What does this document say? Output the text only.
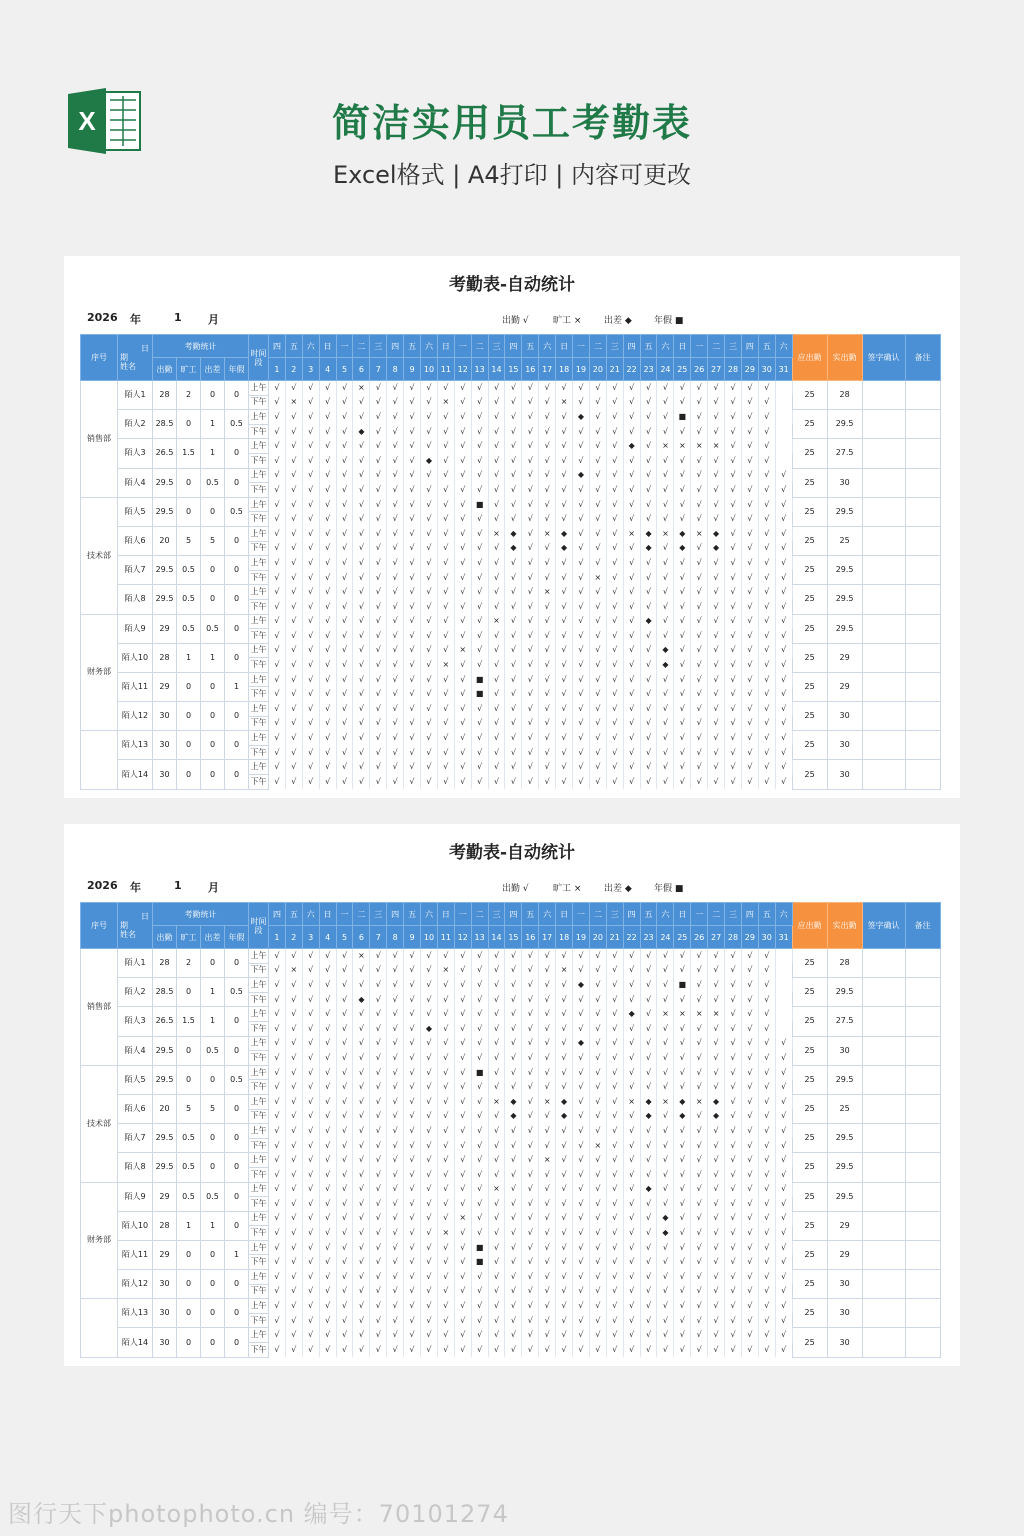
X	简洁实用员工考勤表
Excel格式 | A4打印 | 内容可更改
考勤表-自动统计
2026 年	1 月	出勤 √	旷工 ×	出差 ◆ 年假 ■
序号	日
期
姓名	考勤统计				时间段	四	五	六	日	一	二	三	四	五	六	日	一	二	三	四	五	六	日	一	二	三	四	五	六	日	一	二	三	四	五	六	应出勤	实出勤	签字确认	备注
		出勤	旷工	出差	年假		1	2	3	4	5	6	7	8	9	10	11	12	13	14	15	16	17	18	19	20	21	22	23	24	25	26	27	28	29	30	31				
销售部	陌人1	28	2	0	0	上午	√	√	√	√	√	×	√	√	√	√	√	√	√	√	√	√	√	√	√	√	√	√	√	√	√	√	√	√	√	√		25	28		
						下午	√	×	√	√	√	√	√	√	√	√	×	√	√	√	√	√	√	×	√	√	√	√	√	√	√	√	√	√	√	√					
	陌人2	28.5	0	1	0.5	上午	√	√	√	√	√	√	√	√	√	√	√	√	√	√	√	√	√	√	◆	√	√	√	√	√	■	√	√	√	√	√		25	29.5		
						下午	√	√	√	√	√	◆	√	√	√	√	√	√	√	√	√	√	√	√	√	√	√	√	√	√	√	√	√	√	√	√					
	陌人3	26.5	1.5	1	0	上午	√	√	√	√	√	√	√	√	√	√	√	√	√	√	√	√	√	√	√	√	√	◆	√	×	×	×	×	√	√	√		25	27.5		
						下午	√	√	√	√	√	√	√	√	√	◆	√	√	√	√	√	√	√	√	√	√	√	√	√	√	√	√	√	√	√	√					
	陌人4	29.5	0	0.5	0	上午	√	√	√	√	√	√	√	√	√	√	√	√	√	√	√	√	√	√	◆	√	√	√	√	√	√	√	√	√	√	√	√	25	30		
						下午	√	√	√	√	√	√	√	√	√	√	√	√	√	√	√	√	√	√	√	√	√	√	√	√	√	√	√	√	√	√	√				
技术部	陌人5	29.5	0	0	0.5	上午	√	√	√	√	√	√	√	√	√	√	√	√	■	√	√	√	√	√	√	√	√	√	√	√	√	√	√	√	√	√	√	25	29.5		
						下午	√	√	√	√	√	√	√	√	√	√	√	√	√	√	√	√	√	√	√	√	√	√	√	√	√	√	√	√	√	√	√				
	陌人6	20	5	5	0	上午	√	√	√	√	√	√	√	√	√	√	√	√	√	×	◆	√	×	◆	√	√	√	×	◆	×	◆	×	◆	√	√	√	√	25	25		
						下午	√	√	√	√	√	√	√	√	√	√	√	√	√	√	◆	√	√	◆	√	√	√	√	◆	√	◆	√	◆	√	√	√	√				
	陌人7	29.5	0.5	0	0	上午	√	√	√	√	√	√	√	√	√	√	√	√	√	√	√	√	√	√	√	√	√	√	√	√	√	√	√	√	√	√	√	25	29.5		
						下午	√	√	√	√	√	√	√	√	√	√	√	√	√	√	√	√	√	√	√	×	√	√	√	√	√	√	√	√	√	√	√				
	陌人8	29.5	0.5	0	0	上午	√	√	√	√	√	√	√	√	√	√	√	√	√	√	√	√	×	√	√	√	√	√	√	√	√	√	√	√	√	√	√	25	29.5		
						下午	√	√	√	√	√	√	√	√	√	√	√	√	√	√	√	√	√	√	√	√	√	√	√	√	√	√	√	√	√	√	√				
财务部	陌人9	29	0.5	0.5	0	上午	√	√	√	√	√	√	√	√	√	√	√	√	√	×	√	√	√	√	√	√	√	√	◆	√	√	√	√	√	√	√	√	25	29.5		
						下午	√	√	√	√	√	√	√	√	√	√	√	√	√	√	√	√	√	√	√	√	√	√	√	√	√	√	√	√	√	√	√				
	陌人10	28	1	1	0	上午	√	√	√	√	√	√	√	√	√	√	√	×	√	√	√	√	√	√	√	√	√	√	√	◆	√	√	√	√	√	√	√	25	29		
						下午	√	√	√	√	√	√	√	√	√	√	×	√	√	√	√	√	√	√	√	√	√	√	√	◆	√	√	√	√	√	√	√				
	陌人11	29	0	0	1	上午	√	√	√	√	√	√	√	√	√	√	√	√	■	√	√	√	√	√	√	√	√	√	√	√	√	√	√	√	√	√	√	25	29		
						下午	√	√	√	√	√	√	√	√	√	√	√	√	■	√	√	√	√	√	√	√	√	√	√	√	√	√	√	√	√	√	√				
	陌人12	30	0	0	0	上午	√	√	√	√	√	√	√	√	√	√	√	√	√	√	√	√	√	√	√	√	√	√	√	√	√	√	√	√	√	√	√	25	30		
						下午	√	√	√	√	√	√	√	√	√	√	√	√	√	√	√	√	√	√	√	√	√	√	√	√	√	√	√	√	√	√	√				
	陌人13	30	0	0	0	上午	√	√	√	√	√	√	√	√	√	√	√	√	√	√	√	√	√	√	√	√	√	√	√	√	√	√	√	√	√	√	√	25	30		
						下午	√	√	√	√	√	√	√	√	√	√	√	√	√	√	√	√	√	√	√	√	√	√	√	√	√	√	√	√	√	√	√				
	陌人14	30	0	0	0	上午	√	√	√	√	√	√	√	√	√	√	√	√	√	√	√	√	√	√	√	√	√	√	√	√	√	√	√	√	√	√	√	25	30		
						下午	√	√	√	√	√	√	√	√	√	√	√	√	√	√	√	√	√	√	√	√	√	√	√	√	√	√	√	√	√	√	√				
考勤表-自动统计
2026 年	1 月	出勤 √	旷工 ×	出差 ◆ 年假 ■
序号	日
期
姓名	考勤统计				时间段	四	五	六	日	一	二	三	四	五	六	日	一	二	三	四	五	六	日	一	二	三	四	五	六	日	一	二	三	四	五	六	应出勤	实出勤	签字确认	备注
		出勤	旷工	出差	年假		1	2	3	4	5	6	7	8	9	10	11	12	13	14	15	16	17	18	19	20	21	22	23	24	25	26	27	28	29	30	31				
销售部	陌人1	28	2	0	0	上午	√	√	√	√	√	×	√	√	√	√	√	√	√	√	√	√	√	√	√	√	√	√	√	√	√	√	√	√	√	√		25	28		
						下午	√	×	√	√	√	√	√	√	√	√	×	√	√	√	√	√	√	×	√	√	√	√	√	√	√	√	√	√	√	√					
	陌人2	28.5	0	1	0.5	上午	√	√	√	√	√	√	√	√	√	√	√	√	√	√	√	√	√	√	◆	√	√	√	√	√	■	√	√	√	√	√		25	29.5		
						下午	√	√	√	√	√	◆	√	√	√	√	√	√	√	√	√	√	√	√	√	√	√	√	√	√	√	√	√	√	√	√					
	陌人3	26.5	1.5	1	0	上午	√	√	√	√	√	√	√	√	√	√	√	√	√	√	√	√	√	√	√	√	√	◆	√	×	×	×	×	√	√	√		25	27.5		
						下午	√	√	√	√	√	√	√	√	√	◆	√	√	√	√	√	√	√	√	√	√	√	√	√	√	√	√	√	√	√	√					
	陌人4	29.5	0	0.5	0	上午	√	√	√	√	√	√	√	√	√	√	√	√	√	√	√	√	√	√	◆	√	√	√	√	√	√	√	√	√	√	√	√	25	30		
						下午	√	√	√	√	√	√	√	√	√	√	√	√	√	√	√	√	√	√	√	√	√	√	√	√	√	√	√	√	√	√	√				
技术部	陌人5	29.5	0	0	0.5	上午	√	√	√	√	√	√	√	√	√	√	√	√	■	√	√	√	√	√	√	√	√	√	√	√	√	√	√	√	√	√	√	25	29.5		
						下午	√	√	√	√	√	√	√	√	√	√	√	√	√	√	√	√	√	√	√	√	√	√	√	√	√	√	√	√	√	√	√				
	陌人6	20	5	5	0	上午	√	√	√	√	√	√	√	√	√	√	√	√	√	×	◆	√	×	◆	√	√	√	×	◆	×	◆	×	◆	√	√	√	√	25	25		
						下午	√	√	√	√	√	√	√	√	√	√	√	√	√	√	◆	√	√	◆	√	√	√	√	◆	√	◆	√	◆	√	√	√	√				
	陌人7	29.5	0.5	0	0	上午	√	√	√	√	√	√	√	√	√	√	√	√	√	√	√	√	√	√	√	√	√	√	√	√	√	√	√	√	√	√	√	25	29.5		
						下午	√	√	√	√	√	√	√	√	√	√	√	√	√	√	√	√	√	√	√	×	√	√	√	√	√	√	√	√	√	√	√				
	陌人8	29.5	0.5	0	0	上午	√	√	√	√	√	√	√	√	√	√	√	√	√	√	√	√	×	√	√	√	√	√	√	√	√	√	√	√	√	√	√	25	29.5		
						下午	√	√	√	√	√	√	√	√	√	√	√	√	√	√	√	√	√	√	√	√	√	√	√	√	√	√	√	√	√	√	√				
财务部	陌人9	29	0.5	0.5	0	上午	√	√	√	√	√	√	√	√	√	√	√	√	√	×	√	√	√	√	√	√	√	√	◆	√	√	√	√	√	√	√	√	25	29.5		
						下午	√	√	√	√	√	√	√	√	√	√	√	√	√	√	√	√	√	√	√	√	√	√	√	√	√	√	√	√	√	√	√				
	陌人10	28	1	1	0	上午	√	√	√	√	√	√	√	√	√	√	√	×	√	√	√	√	√	√	√	√	√	√	√	◆	√	√	√	√	√	√	√	25	29		
						下午	√	√	√	√	√	√	√	√	√	√	×	√	√	√	√	√	√	√	√	√	√	√	√	◆	√	√	√	√	√	√	√				
	陌人11	29	0	0	1	上午	√	√	√	√	√	√	√	√	√	√	√	√	■	√	√	√	√	√	√	√	√	√	√	√	√	√	√	√	√	√	√	25	29		
						下午	√	√	√	√	√	√	√	√	√	√	√	√	■	√	√	√	√	√	√	√	√	√	√	√	√	√	√	√	√	√	√				
	陌人12	30	0	0	0	上午	√	√	√	√	√	√	√	√	√	√	√	√	√	√	√	√	√	√	√	√	√	√	√	√	√	√	√	√	√	√	√	25	30		
						下午	√	√	√	√	√	√	√	√	√	√	√	√	√	√	√	√	√	√	√	√	√	√	√	√	√	√	√	√	√	√	√				
	陌人13	30	0	0	0	上午	√	√	√	√	√	√	√	√	√	√	√	√	√	√	√	√	√	√	√	√	√	√	√	√	√	√	√	√	√	√	√	25	30		
						下午	√	√	√	√	√	√	√	√	√	√	√	√	√	√	√	√	√	√	√	√	√	√	√	√	√	√	√	√	√	√	√				
	陌人14	30	0	0	0	上午	√	√	√	√	√	√	√	√	√	√	√	√	√	√	√	√	√	√	√	√	√	√	√	√	√	√	√	√	√	√	√	25	30		
						下午	√	√	√	√	√	√	√	√	√	√	√	√	√	√	√	√	√	√	√	√	√	√	√	√	√	√	√	√	√	√	√				
图行天下photophoto.cn 编号：70101274
